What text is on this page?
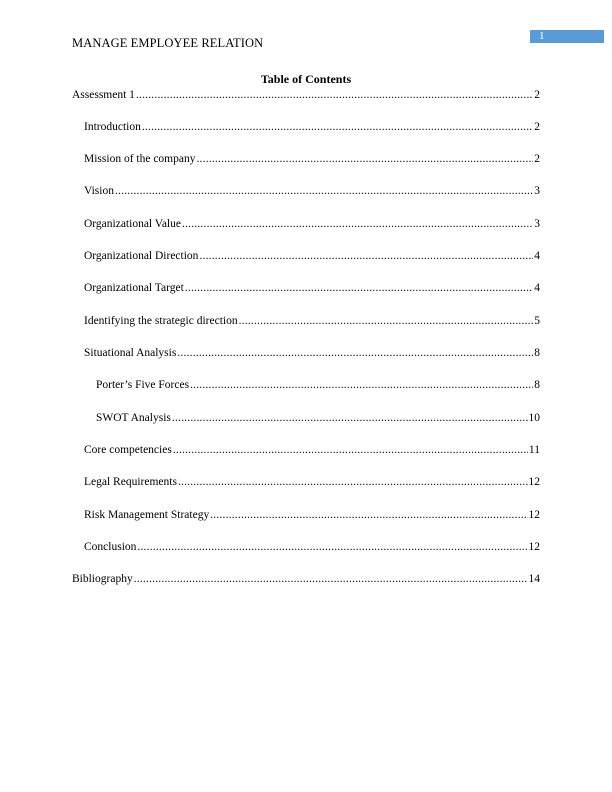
MANAGE EMPLOYEE RELATION	1
Table of Contents
Assessment 1 .....	2
Introduction .....	2
Mission of the company .....	2
Vision .....	3
Organizational Value .....	3
Organizational Direction .....	4
Organizational Target .....	4
Identifying the strategic direction .....	5
Situational Analysis .....	8
Porter’s Five Forces .....	8
SWOT Analysis .....	10
Core competencies .....	11
Legal Requirements .....	12
Risk Management Strategy .....	12
Conclusion .....	12
Bibliography .....	14
